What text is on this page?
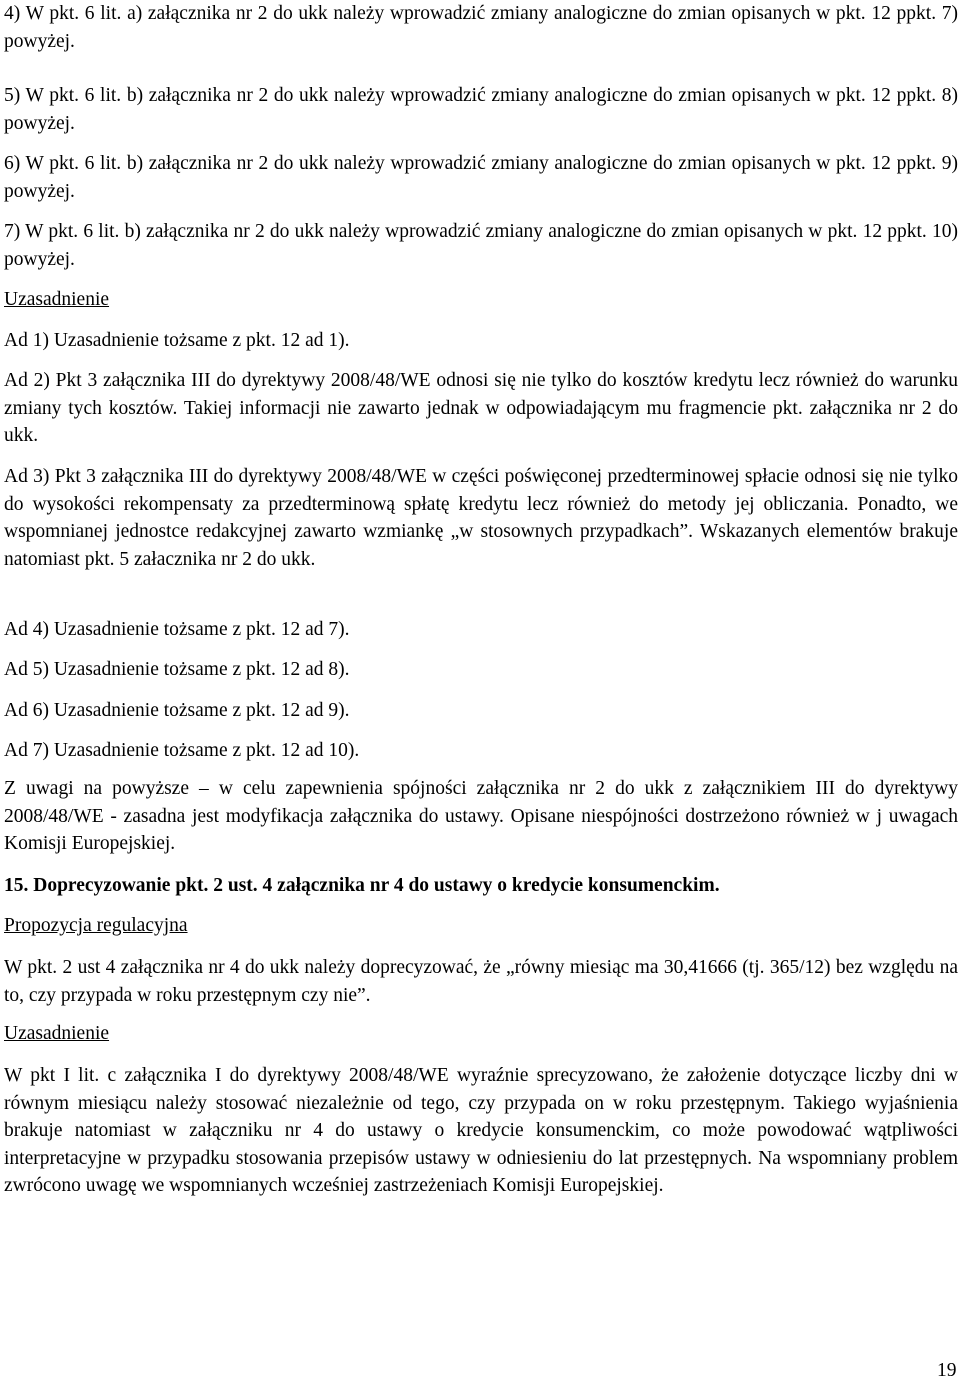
4) W pkt. 6 lit. a) załącznika nr 2 do ukk należy wprowadzić zmiany analogiczne do zmian opisanych w pkt. 12 ppkt. 7) powyżej.

5) W pkt. 6 lit. b) załącznika nr 2 do ukk należy wprowadzić zmiany analogiczne do zmian opisanych w pkt. 12 ppkt. 8) powyżej.

6) W pkt. 6 lit. b) załącznika nr 2 do ukk należy wprowadzić zmiany analogiczne do zmian opisanych w pkt. 12 ppkt. 9) powyżej.

7) W pkt. 6 lit. b) załącznika nr 2 do ukk należy wprowadzić zmiany analogiczne do zmian opisanych w pkt. 12 ppkt. 10) powyżej.

Uzasadnienie

Ad 1) Uzasadnienie tożsame z pkt. 12 ad 1).

Ad 2) Pkt 3 załącznika III do dyrektywy 2008/48/WE odnosi się nie tylko do kosztów kredytu lecz również do warunku zmiany tych kosztów. Takiej informacji nie zawarto jednak w odpowiadającym mu fragmencie pkt. załącznika nr 2 do ukk.

Ad 3) Pkt 3 załącznika III do dyrektywy 2008/48/WE w części poświęconej przedterminowej spłacie odnosi się nie tylko do wysokości rekompensaty za przedterminową spłatę kredytu lecz również do metody jej obliczania. Ponadto, we wspomnianej jednostce redakcyjnej zawarto wzmiankę „w stosownych przypadkach”. Wskazanych elementów brakuje natomiast pkt. 5 załacznika nr 2 do ukk.

Ad 4) Uzasadnienie tożsame z pkt. 12 ad 7).

Ad 5) Uzasadnienie tożsame z pkt. 12 ad 8).

Ad 6) Uzasadnienie tożsame z pkt. 12 ad 9).

Ad 7) Uzasadnienie tożsame z pkt. 12 ad 10).

Z uwagi na powyższe – w celu zapewnienia spójności załącznika nr 2 do ukk z załącznikiem III do dyrektywy 2008/48/WE - zasadna jest modyfikacja załącznika do ustawy. Opisane niespójności dostrzeżono również w j uwagach Komisji Europejskiej.

15. Doprecyzowanie pkt. 2 ust. 4 załącznika nr 4 do ustawy o kredycie konsumenckim.

Propozycja regulacyjna

W pkt. 2 ust 4 załącznika nr 4 do ukk należy doprecyzować, że „równy miesiąc ma 30,41666 (tj. 365/12) bez względu na to, czy przypada w roku przestępnym czy nie”.

Uzasadnienie

W pkt I lit. c załącznika I do dyrektywy 2008/48/WE wyraźnie sprecyzowano, że założenie dotyczące liczby dni w równym miesiącu należy stosować niezależnie od tego, czy przypada on w roku przestępnym. Takiego wyjaśnienia brakuje natomiast w załączniku nr 4 do ustawy o kredycie konsumenckim, co może powodować wątpliwości interpretacyjne w przypadku stosowania przepisów ustawy w odniesieniu do lat przestępnych. Na wspomniany problem zwrócono uwagę we wspomnianych wcześniej zastrzeżeniach Komisji Europejskiej.

19
